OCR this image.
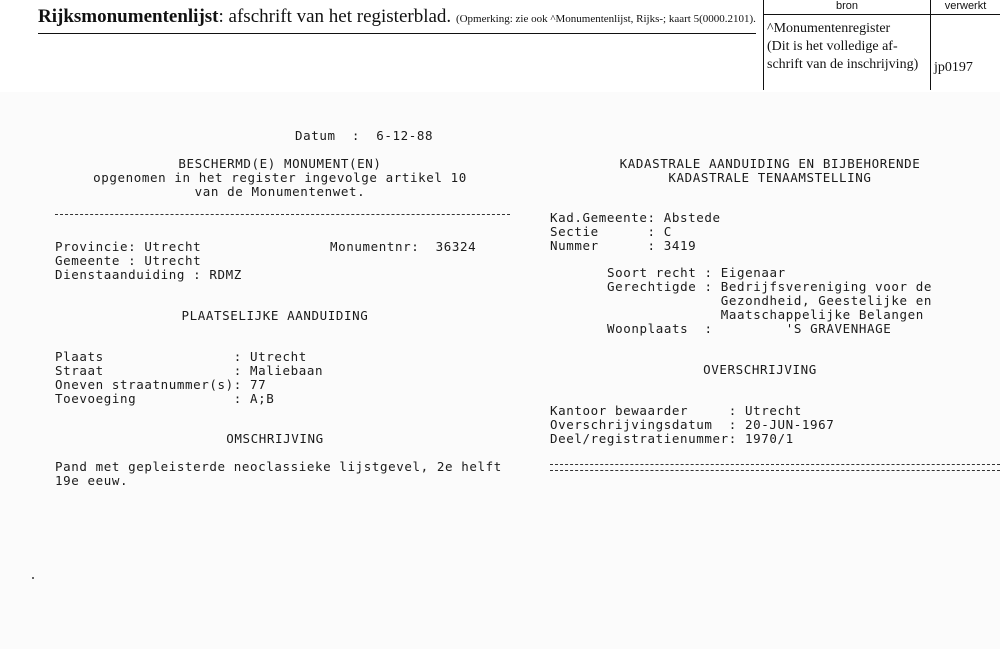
Rijksmonumentenlijst: afschrift van het registerblad. (Opmerking: zie ook ^Monumentenlijst, Rijks-; kaart 5(0000.2101).
bron	verwerkt
^Monumentenregister
(Dit is het volledige af-
schrift van de inschrijving)	jp0197
Datum  :  6-12-88
BESCHERMD(E) MONUMENT(EN)
opgenomen in het register ingevolge artikel 10
van de Monumentenwet.
Provincie: Utrecht	Monumentnr:  36324
Gemeente : Utrecht
Dienstaanduiding : RDMZ
PLAATSELIJKE AANDUIDING
Plaats                : Utrecht
Straat                : Maliebaan
Oneven straatnummer(s): 77
Toevoeging            : A;B
OMSCHRIJVING
Pand met gepleisterde neoclassieke lijstgevel, 2e helft
19e eeuw.
KADASTRALE AANDUIDING EN BIJBEHORENDE
KADASTRALE TENAAMSTELLING
Kad.Gemeente: Abstede
Sectie      : C
Nummer      : 3419
Soort recht : Eigenaar
Gerechtigde : Bedrijfsvereniging voor de
Gezondheid, Geestelijke en
Maatschappelijke Belangen
Woonplaats  :         'S GRAVENHAGE
OVERSCHRIJVING
Kantoor bewaarder     : Utrecht
Overschrijvingsdatum  : 20-JUN-1967
Deel/registratienummer: 1970/1
